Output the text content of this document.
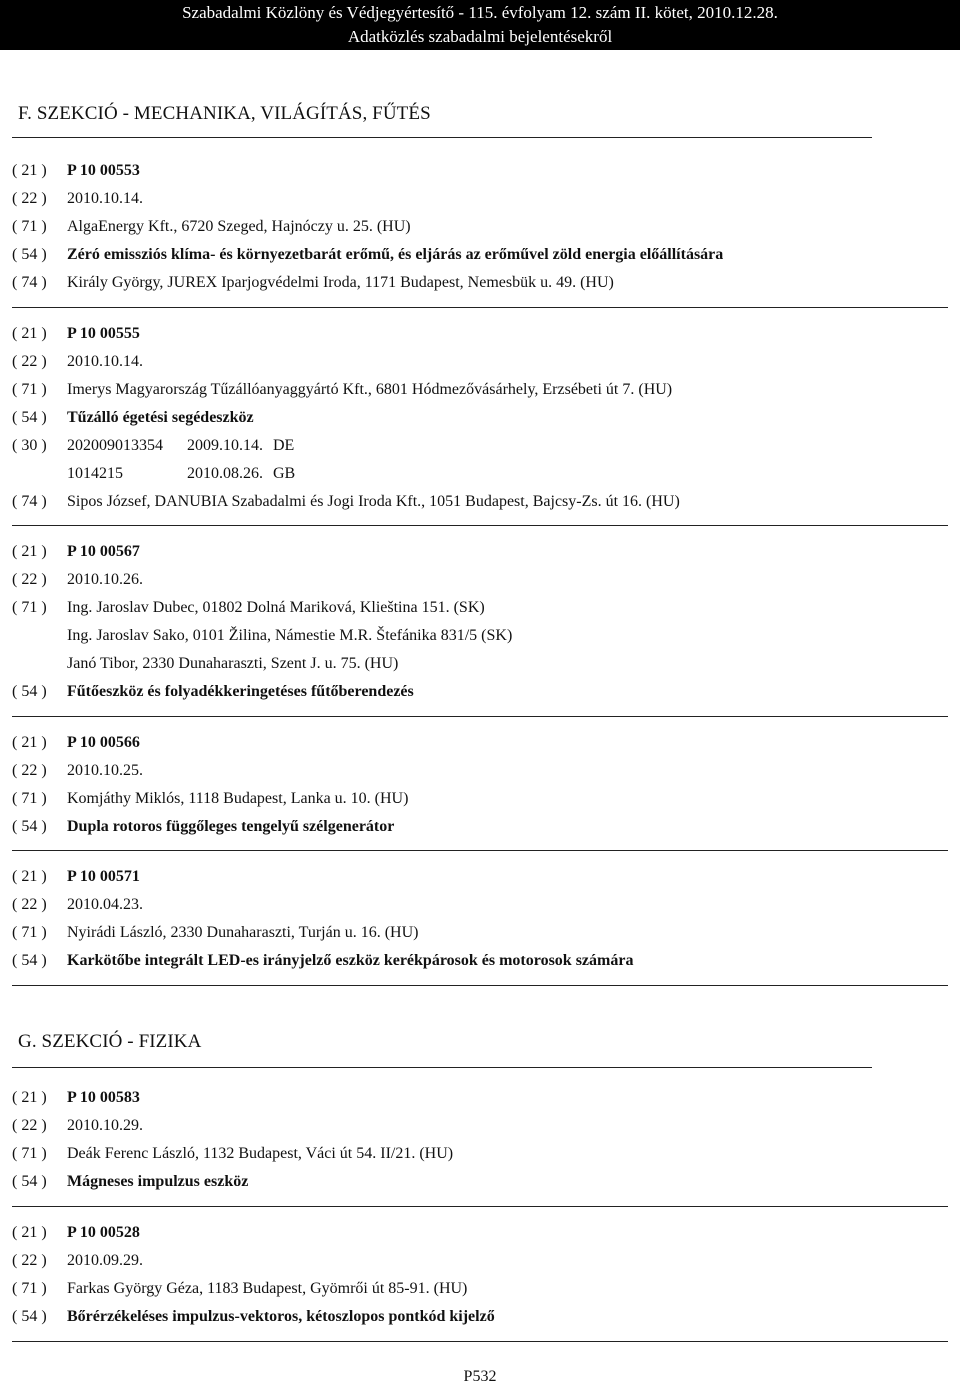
Szabadalmi Közlöny és Védjegyértesítő - 115. évfolyam 12. szám II. kötet, 2010.12.28.
Adatközlés szabadalmi bejelentésekről
F. SZEKCIÓ - MECHANIKA, VILÁGÍTÁS, FŰTÉS
( 21 ) P 10 00553
( 22 ) 2010.10.14.
( 71 ) AlgaEnergy Kft., 6720 Szeged, Hajnóczy u. 25. (HU)
( 54 ) Zéró emissziós klíma- és környezetbarát erőmű, és eljárás az erőművel zöld energia előállítására
( 74 ) Király György, JUREX Iparjogvédelmi Iroda, 1171 Budapest, Nemesbük u. 49. (HU)
( 21 ) P 10 00555
( 22 ) 2010.10.14.
( 71 ) Imerys Magyarország Tűzállóanyaggyártó Kft., 6801 Hódmezővásárhely, Erzsébeti út 7. (HU)
( 54 ) Tűzálló égetési segédeszköz
( 30 ) 202009013354 2009.10.14. DE
1014215	2010.08.26. GB
( 74 ) Sipos József, DANUBIA Szabadalmi és Jogi Iroda Kft., 1051 Budapest, Bajcsy-Zs. út 16. (HU)
( 21 ) P 10 00567
( 22 ) 2010.10.26.
( 71 ) Ing. Jaroslav Dubec, 01802 Dolná Mariková, Klieština 151. (SK)
Ing. Jaroslav Sako, 0101 Žilina, Námestie M.R. Štefánika 831/5 (SK)
Janó Tibor, 2330 Dunaharaszti, Szent J. u. 75. (HU)
( 54 ) Fűtőeszköz és folyadékkeringetéses fűtőberendezés
( 21 ) P 10 00566
( 22 ) 2010.10.25.
( 71 ) Komjáthy Miklós, 1118 Budapest, Lanka u. 10. (HU)
( 54 ) Dupla rotoros függőleges tengelyű szélgenerátor
( 21 ) P 10 00571
( 22 ) 2010.04.23.
( 71 ) Nyirádi László, 2330 Dunaharaszti, Turján u. 16. (HU)
( 54 ) Karkötőbe integrált LED-es irányjelző eszköz kerékpárosok és motorosok számára
G. SZEKCIÓ - FIZIKA
( 21 ) P 10 00583
( 22 ) 2010.10.29.
( 71 ) Deák Ferenc László, 1132 Budapest, Váci út 54. II/21. (HU)
( 54 ) Mágneses impulzus eszköz
( 21 ) P 10 00528
( 22 ) 2010.09.29.
( 71 ) Farkas György Géza, 1183 Budapest, Gyömrői út 85-91. (HU)
( 54 ) Bőrérzékeléses impulzus-vektoros, kétoszlopos pontkód kijelző
P532
